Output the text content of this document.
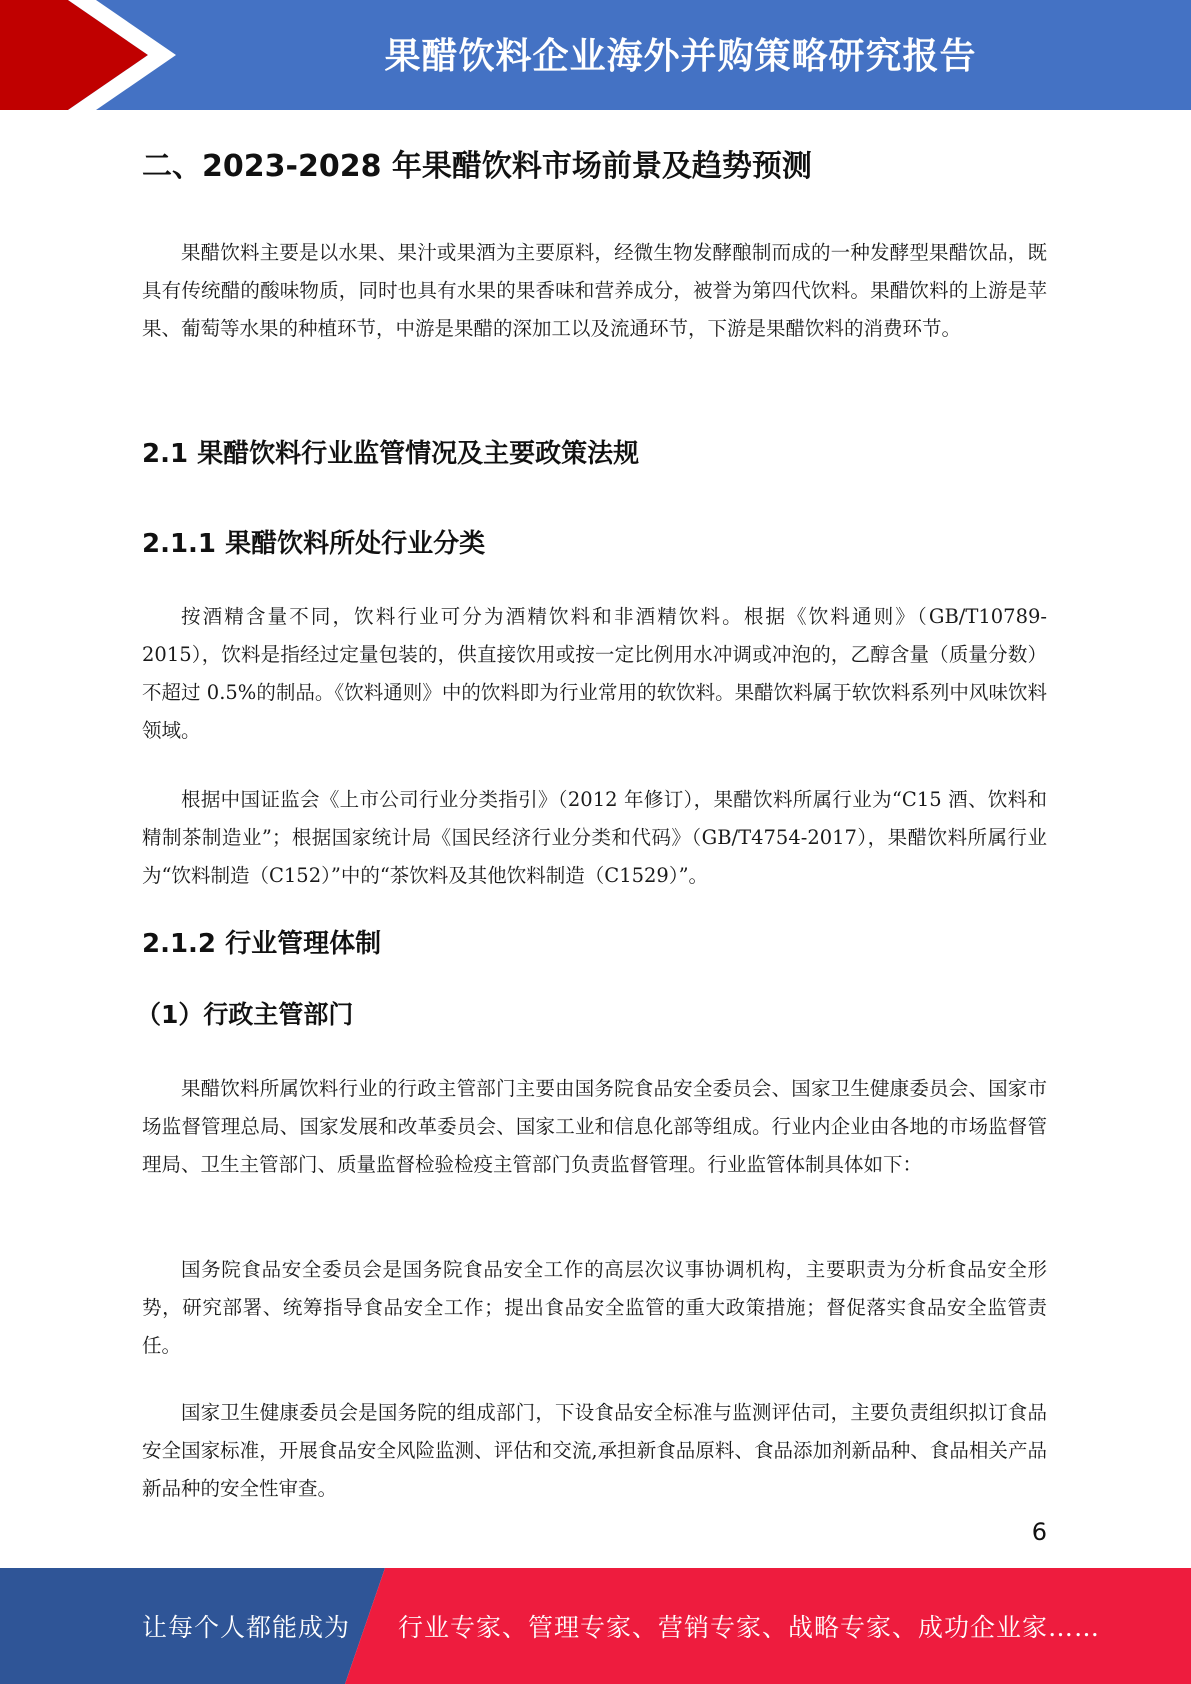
果醋饮料企业海外并购策略研究报告
二、2023-2028 年果醋饮料市场前景及趋势预测

果醋饮料主要是以水果、果汁或果酒为主要原料，经微生物发酵酿制而成的一种发酵型果醋饮品，既具有传统醋的酸味物质，同时也具有水果的果香味和营养成分，被誉为第四代饮料。果醋饮料的上游是苹果、葡萄等水果的种植环节，中游是果醋的深加工以及流通环节，下游是果醋饮料的消费环节。

2.1 果醋饮料行业监管情况及主要政策法规
2.1.1 果醋饮料所处行业分类

按酒精含量不同，饮料行业可分为酒精饮料和非酒精饮料。根据《饮料通则》（GB/T10789-2015），饮料是指经过定量包装的，供直接饮用或按一定比例用水冲调或冲泡的，乙醇含量（质量分数）不超过 0.5%的制品。《饮料通则》中的饮料即为行业常用的软饮料。果醋饮料属于软饮料系列中风味饮料领域。

根据中国证监会《上市公司行业分类指引》（2012 年修订），果醋饮料所属行业为“C15 酒、饮料和精制茶制造业”；根据国家统计局《国民经济行业分类和代码》（GB/T4754-2017），果醋饮料所属行业为“饮料制造（C152）”中的“茶饮料及其他饮料制造（C1529）”。

2.1.2 行业管理体制
（1）行政主管部门

果醋饮料所属饮料行业的行政主管部门主要由国务院食品安全委员会、国家卫生健康委员会、国家市场监督管理总局、国家发展和改革委员会、国家工业和信息化部等组成。行业内企业由各地的市场监督管理局、卫生主管部门、质量监督检验检疫主管部门负责监督管理。行业监管体制具体如下：

国务院食品安全委员会是国务院食品安全工作的高层次议事协调机构，主要职责为分析食品安全形势，研究部署、统筹指导食品安全工作；提出食品安全监管的重大政策措施；督促落实食品安全监管责任。

国家卫生健康委员会是国务院的组成部门，下设食品安全标准与监测评估司，主要负责组织拟订食品安全国家标准，开展食品安全风险监测、评估和交流,承担新食品原料、食品添加剂新品种、食品相关产品新品种的安全性审查。

6
让每个人都能成为 行业专家、管理专家、营销专家、战略专家、成功企业家……
